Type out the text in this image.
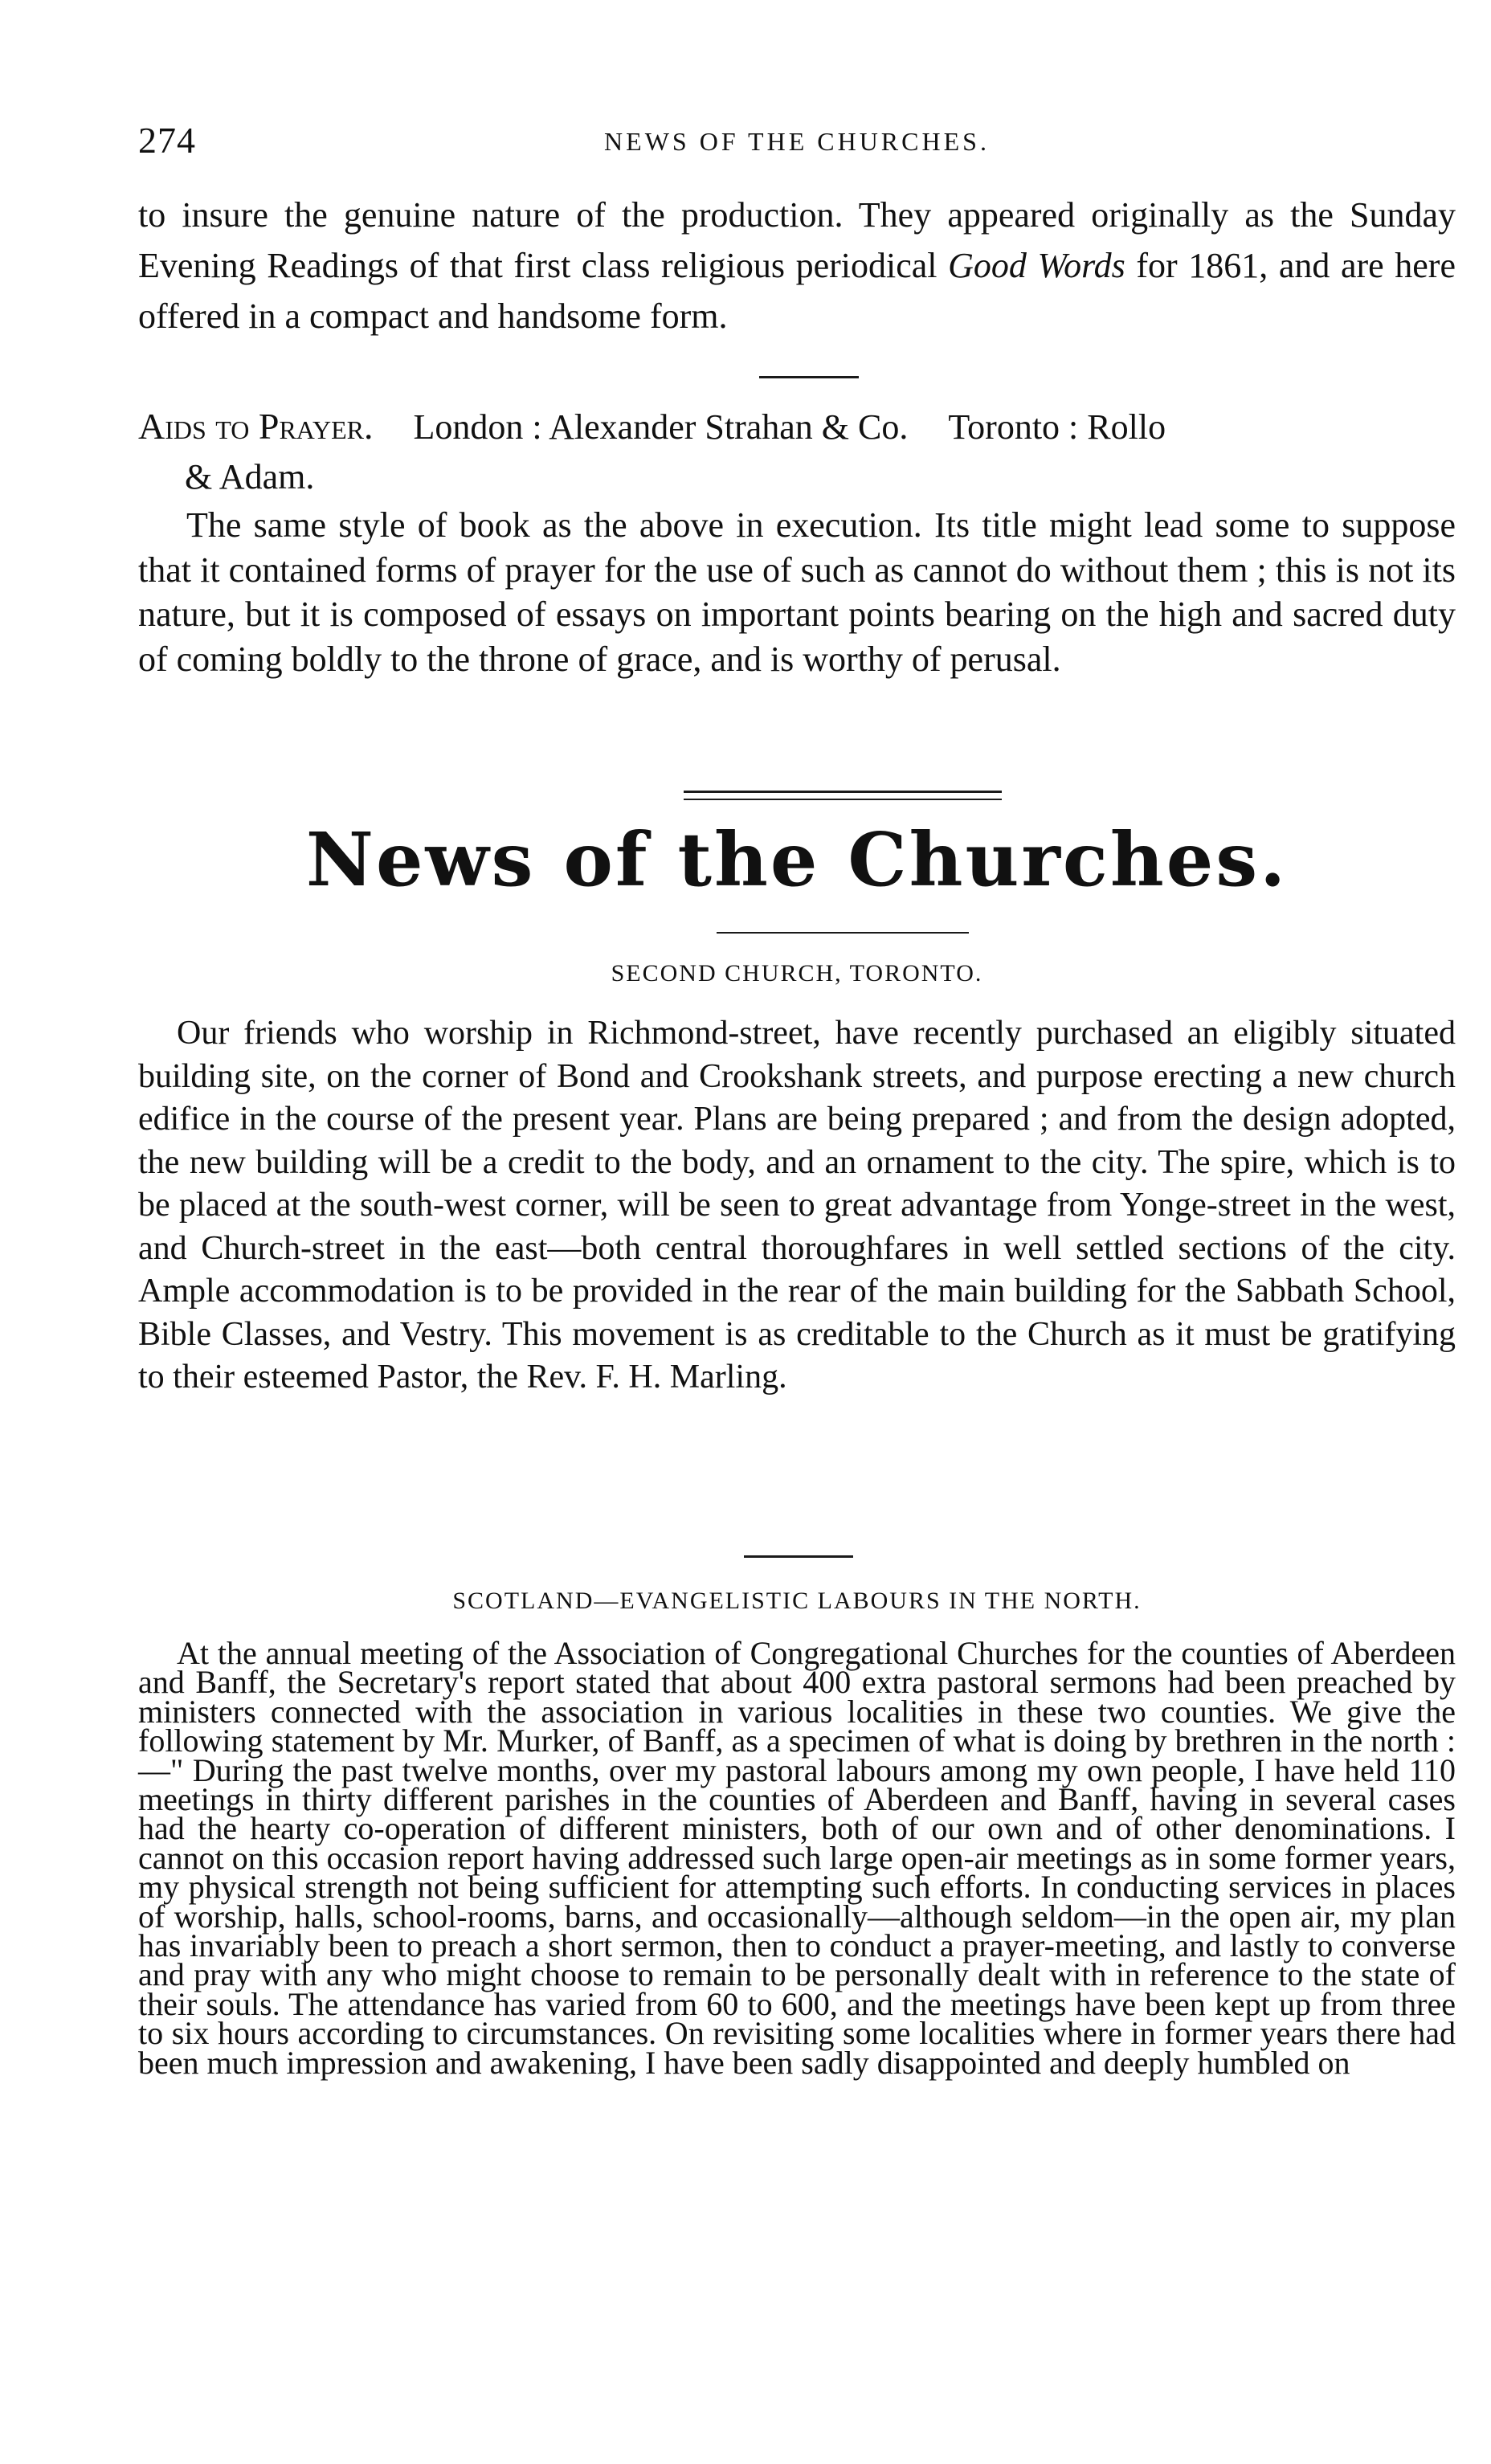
274	NEWS OF THE CHURCHES.

to insure the genuine nature of the production. They appeared originally as the Sunday Evening Readings of that first class religious periodical Good Words for 1861, and are here offered in a compact and handsome form.

Aids to Prayer. London : Alexander Strahan & Co. Toronto : Rollo
& Adam.

The same style of book as the above in execution. Its title might lead some to suppose that it contained forms of prayer for the use of such as cannot do without them ; this is not its nature, but it is composed of essays on important points bearing on the high and sacred duty of coming boldly to the throne of grace, and is worthy of perusal.

News of the Churches.
SECOND CHURCH, TORONTO.

Our friends who worship in Richmond-street, have recently purchased an eligibly situated building site, on the corner of Bond and Crookshank streets, and purpose erecting a new church edifice in the course of the present year. Plans are being prepared ; and from the design adopted, the new building will be a credit to the body, and an ornament to the city. The spire, which is to be placed at the south-west corner, will be seen to great advantage from Yonge-street in the west, and Church-street in the east—both central thoroughfares in well settled sections of the city. Ample accommodation is to be provided in the rear of the main building for the Sabbath School, Bible Classes, and Vestry. This movement is as creditable to the Church as it must be gratifying to their esteemed Pastor, the Rev. F. H. Marling.

SCOTLAND—EVANGELISTIC LABOURS IN THE NORTH.

At the annual meeting of the Association of Congregational Churches for the counties of Aberdeen and Banff, the Secretary's report stated that about 400 extra pastoral sermons had been preached by ministers connected with the association in various localities in these two counties. We give the following statement by Mr. Murker, of Banff, as a specimen of what is doing by brethren in the north : —" During the past twelve months, over my pastoral labours among my own people, I have held 110 meetings in thirty different parishes in the counties of Aberdeen and Banff, having in several cases had the hearty co-operation of different ministers, both of our own and of other denominations. I cannot on this occasion report having addressed such large open-air meetings as in some former years, my physical strength not being sufficient for attempting such efforts. In conducting services in places of worship, halls, school-rooms, barns, and occasionally—although seldom—in the open air, my plan has invariably been to preach a short sermon, then to conduct a prayer-meeting, and lastly to converse and pray with any who might choose to remain to be personally dealt with in reference to the state of their souls. The attendance has varied from 60 to 600, and the meetings have been kept up from three to six hours according to circumstances. On revisiting some localities where in former years there had been much impression and awakening, I have been sadly disappointed and deeply humbled on
